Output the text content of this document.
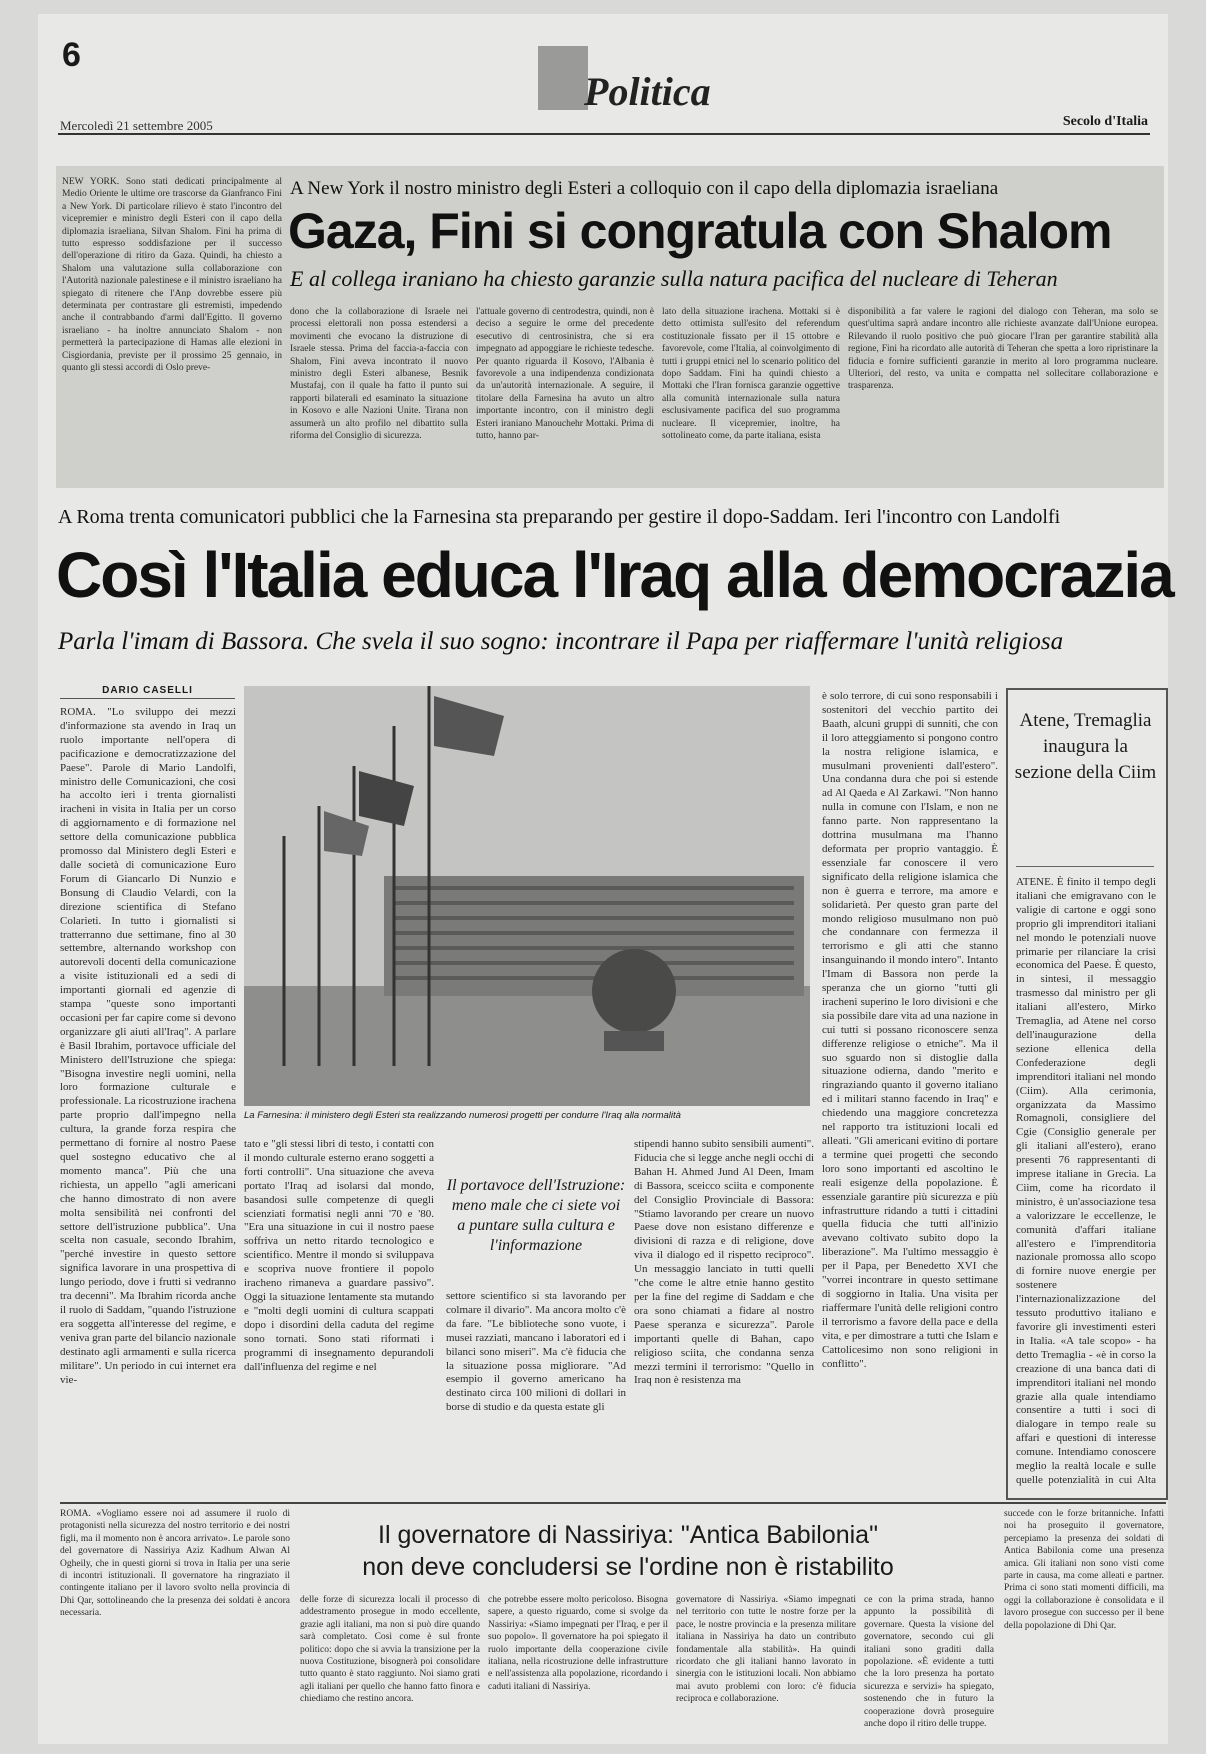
6
Politica
Mercoledì 21 settembre 2005	Secolo d'Italia
A New York il nostro ministro degli Esteri a colloquio con il capo della diplomazia israeliana
Gaza, Fini si congratula con Shalom
E al collega iraniano ha chiesto garanzie sulla natura pacifica del nucleare di Teheran
NEW YORK. Sono stati dedicati principalmente al Medio Oriente le ultime ore trascorse da Gianfranco Fini a New York. Di particolare rilievo è stato l'incontro del vicepremier e ministro degli Esteri con il capo della diplomazia israeliana, Silvan Shalom. Fini ha prima di tutto espresso soddisfazione per il successo dell'operazione di ritiro da Gaza. Quindi, ha chiesto a Shalom una valutazione sulla collaborazione con l'Autorità nazionale palestinese e il ministro israeliano ha spiegato di ritenere che l'Anp dovrebbe essere più determinata per contrastare gli estremisti, impedendo anche il contrabbando d'armi dall'Egitto. Il governo israeliano - ha inoltre annunciato Shalom - non permetterà la partecipazione di Hamas alle elezioni in Cisgiordania, previste per il prossimo 25 gennaio, in quanto gli stessi accordi di Oslo preve-
dono che la collaborazione di Israele nei processi elettorali non possa estendersi a movimenti che evocano la distruzione di Israele stessa. Prima del faccia-a-faccia con Shalom, Fini aveva incontrato il nuovo ministro degli Esteri albanese, Besnik Mustafaj, con il quale ha fatto il punto sui rapporti bilaterali ed esaminato la situazione in Kosovo e alle Nazioni Unite. Tirana non assumerà un alto profilo nel dibattito sulla riforma del Consiglio di sicurezza.
l'attuale governo di centrodestra, quindi, non è deciso a seguire le orme del precedente esecutivo di centrosinistra, che si era impegnato ad appoggiare le richieste tedesche. Per quanto riguarda il Kosovo, l'Albania è favorevole a una indipendenza condizionata da un'autorità internazionale. A seguire, il titolare della Farnesina ha avuto un altro importante incontro, con il ministro degli Esteri iraniano Manouchehr Mottaki. Prima di tutto, hanno par-
lato della situazione irachena. Mottaki si è detto ottimista sull'esito del referendum costituzionale fissato per il 15 ottobre e favorevole, come l'Italia, al coinvolgimento di tutti i gruppi etnici nel lo scenario politico del dopo Saddam. Fini ha quindi chiesto a Mottaki che l'Iran fornisca garanzie oggettive alla comunità internazionale sulla natura esclusivamente pacifica del suo programma nucleare. Il vicepremier, inoltre, ha sottolineato come, da parte italiana, esista
disponibilità a far valere le ragioni del dialogo con Teheran, ma solo se quest'ultima saprà andare incontro alle richieste avanzate dall'Unione europea. Rilevando il ruolo positivo che può giocare l'Iran per garantire stabilità alla regione, Fini ha ricordato alle autorità di Teheran che spetta a loro ripristinare la fiducia e fornire sufficienti garanzie in merito al loro programma nucleare. Ulteriori, del resto, va unita e compatta nel sollecitare collaborazione e trasparenza.
A Roma trenta comunicatori pubblici che la Farnesina sta preparando per gestire il dopo-Saddam. Ieri l'incontro con Landolfi
Così l'Italia educa l'Iraq alla democrazia
Parla l'imam di Bassora. Che svela il suo sogno: incontrare il Papa per riaffermare l'unità religiosa
DARIO CASELLI
ROMA. "Lo sviluppo dei mezzi d'informazione sta avendo in Iraq un ruolo importante nell'opera di pacificazione e democratizzazione del Paese". Parole di Mario Landolfi, ministro delle Comunicazioni, che così ha accolto ieri i trenta giornalisti iracheni in visita in Italia per un corso di aggiornamento e di formazione nel settore della comunicazione pubblica promosso dal Ministero degli Esteri e dalle società di comunicazione Euro Forum di Giancarlo Di Nunzio e Bonsung di Claudio Velardi, con la direzione scientifica di Stefano Colarieti. In tutto i giornalisti si tratterranno due settimane, fino al 30 settembre, alternando workshop con autorevoli docenti della comunicazione a visite istituzionali ed a sedi di importanti giornali ed agenzie di stampa "queste sono importanti occasioni per far capire come si devono organizzare gli aiuti all'Iraq". A parlare è Basil Ibrahim, portavoce ufficiale del Ministero dell'Istruzione che spiega: "Bisogna investire negli uomini, nella loro formazione culturale e professionale. La ricostruzione irachena parte proprio dall'impegno nella cultura, la grande forza respira che permettano di fornire al nostro Paese quel sostegno educativo che al momento manca". Più che una richiesta, un appello "agli americani che hanno dimostrato di non avere molta sensibilità nei confronti del settore dell'istruzione pubblica". Una scelta non casuale, secondo Ibrahim, "perché investire in questo settore significa lavorare in una prospettiva di lungo periodo, dove i frutti si vedranno tra decenni". Ma Ibrahim ricorda anche il ruolo di Saddam, "quando l'istruzione era soggetta all'interesse del regime, e veniva gran parte del bilancio nazionale destinato agli armamenti e sulla ricerca militare". Un periodo in cui internet era vie-
La Farnesina: il ministero degli Esteri sta realizzando numerosi progetti per condurre l'Iraq alla normalità
tato e "gli stessi libri di testo, i contatti con il mondo culturale esterno erano soggetti a forti controlli". Una situazione che aveva portato l'Iraq ad isolarsi dal mondo, basandosi sulle competenze di quegli scienziati formatisi negli anni '70 e '80. "Era una situazione in cui il nostro paese soffriva un netto ritardo tecnologico e scientifico. Mentre il mondo si sviluppava e scopriva nuove frontiere il popolo iracheno rimaneva a guardare passivo". Oggi la situazione lentamente sta mutando e "molti degli uomini di cultura scappati dopo i disordini della caduta del regime sono tornati. Sono stati riformati i programmi di insegnamento depurandoli dall'influenza del regime e nel
Il portavoce dell'Istruzione: meno male che ci siete voi a puntare sulla cultura e l'informazione
settore scientifico si sta lavorando per colmare il divario". Ma ancora molto c'è da fare. "Le biblioteche sono vuote, i musei razziati, mancano i laboratori ed i bilanci sono miseri". Ma c'è fiducia che la situazione possa migliorare. "Ad esempio il governo americano ha destinato circa 100 milioni di dollari in borse di studio e da questa estate gli
stipendi hanno subito sensibili aumenti". Fiducia che si legge anche negli occhi di Bahan H. Ahmed Jund Al Deen, Imam di Bassora, sceicco sciita e componente del Consiglio Provinciale di Bassora: "Stiamo lavorando per creare un nuovo Paese dove non esistano differenze e divisioni di razza e di religione, dove viva il dialogo ed il rispetto reciproco". Un messaggio lanciato in tutti quelli "che come le altre etnie hanno gestito per la fine del regime di Saddam e che ora sono chiamati a fidare al nostro Paese speranza e sicurezza". Parole importanti quelle di Bahan, capo religioso sciita, che condanna senza mezzi termini il terrorismo: "Quello in Iraq non è resistenza ma
è solo terrore, di cui sono responsabili i sostenitori del vecchio partito dei Baath, alcuni gruppi di sunniti, che con il loro atteggiamento si pongono contro la nostra religione islamica, e musulmani provenienti dall'estero". Una condanna dura che poi si estende ad Al Qaeda e Al Zarkawi. "Non hanno nulla in comune con l'Islam, e non ne fanno parte. Non rappresentano la dottrina musulmana ma l'hanno deformata per proprio vantaggio. È essenziale far conoscere il vero significato della religione islamica che non è guerra e terrore, ma amore e solidarietà. Per questo gran parte del mondo religioso musulmano non può che condannare con fermezza il terrorismo e gli atti che stanno insanguinando il mondo intero". Intanto l'Imam di Bassora non perde la speranza che un giorno "tutti gli iracheni superino le loro divisioni e che sia possibile dare vita ad una nazione in cui tutti si possano riconoscere senza differenze religiose o etniche". Ma il suo sguardo non si distoglie dalla situazione odierna, dando "merito e ringraziando quanto il governo italiano ed i militari stanno facendo in Iraq" e chiedendo una maggiore concretezza nel rapporto tra istituzioni locali ed alleati. "Gli americani evitino di portare a termine quei progetti che secondo loro sono importanti ed ascoltino le reali esigenze della popolazione. È essenziale garantire più sicurezza e più infrastrutture ridando a tutti i cittadini quella fiducia che tutti all'inizio avevano coltivato subito dopo la liberazione". Ma l'ultimo messaggio è per il Papa, per Benedetto XVI che "vorrei incontrare in questo settimane di soggiorno in Italia. Una visita per riaffermare l'unità delle religioni contro il terrorismo a favore della pace e della vita, e per dimostrare a tutti che Islam e Cattolicesimo non sono religioni in conflitto".
Atene, Tremaglia inaugura la sezione della Ciim
ATENE. È finito il tempo degli italiani che emigravano con le valigie di cartone e oggi sono proprio gli imprenditori italiani nel mondo le potenziali nuove primarie per rilanciare la crisi economica del Paese. È questo, in sintesi, il messaggio trasmesso dal ministro per gli italiani all'estero, Mirko Tremaglia, ad Atene nel corso dell'inaugurazione della sezione ellenica della Confederazione degli imprenditori italiani nel mondo (Ciim). Alla cerimonia, organizzata da Massimo Romagnoli, consigliere del Cgie (Consiglio generale per gli italiani all'estero), erano presenti 76 rappresentanti di imprese italiane in Grecia. La Ciim, come ha ricordato il ministro, è un'associazione tesa a valorizzare le eccellenze, le comunità d'affari italiane all'estero e l'imprenditoria nazionale promossa allo scopo di fornire nuove energie per sostenere l'internazionalizzazione del tessuto produttivo italiano e favorire gli investimenti esteri in Italia. «A tale scopo» - ha detto Tremaglia - «è in corso la creazione di una banca dati di imprenditori italiani nel mondo grazie alla quale intendiamo consentire a tutti i soci di dialogare in tempo reale su affari e questioni di interesse comune. Intendiamo conoscere meglio la realtà locale e sulle quelle potenzialità in cui Alta
Il governatore di Nassiriya: "Antica Babilonia"
non deve concludersi se l'ordine non è ristabilito
ROMA. «Vogliamo essere noi ad assumere il ruolo di protagonisti nella sicurezza del nostro territorio e dei nostri figli, ma il momento non è ancora arrivato». Le parole sono del governatore di Nassiriya Aziz Kadhum Alwan Al Ogheily, che in questi giorni si trova in Italia per una serie di incontri istituzionali. Il governatore ha ringraziato il contingente italiano per il lavoro svolto nella provincia di Dhi Qar, sottolineando che la presenza dei soldati è ancora necessaria.
delle forze di sicurezza locali il processo di addestramento prosegue in modo eccellente, grazie agli italiani, ma non si può dire quando sarà completato. Così come è sul fronte politico: dopo che si avvia la transizione per la nuova Costituzione, bisognerà poi consolidare tutto quanto è stato raggiunto. Noi siamo grati agli italiani per quello che hanno fatto finora e chiediamo che restino ancora.
che potrebbe essere molto pericoloso. Bisogna sapere, a questo riguardo, come si svolge da Nassiriya: «Siamo impegnati per l'Iraq, e per il suo popolo». Il governatore ha poi spiegato il ruolo importante della cooperazione civile italiana, nella ricostruzione delle infrastrutture e nell'assistenza alla popolazione, ricordando i caduti italiani di Nassiriya.
governatore di Nassiriya. «Siamo impegnati nel territorio con tutte le nostre forze per la pace, le nostre provincia e la presenza militare italiana in Nassiriya ha dato un contributo fondamentale alla stabilità». Ha quindi ricordato che gli italiani hanno lavorato in sinergia con le istituzioni locali. Non abbiamo mai avuto problemi con loro: c'è fiducia reciproca e collaborazione.
ce con la prima strada, hanno appunto la possibilità di governare. Questa la visione del governatore, secondo cui gli italiani sono graditi dalla popolazione. «È evidente a tutti che la loro presenza ha portato sicurezza e servizi» ha spiegato, sostenendo che in futuro la cooperazione dovrà proseguire anche dopo il ritiro delle truppe.
succede con le forze britanniche. Infatti noi ha proseguito il governatore, percepiamo la presenza dei soldati di Antica Babilonia come una presenza amica. Gli italiani non sono visti come parte in causa, ma come alleati e partner. Prima ci sono stati momenti difficili, ma oggi la collaborazione è consolidata e il lavoro prosegue con successo per il bene della popolazione di Dhi Qar.
